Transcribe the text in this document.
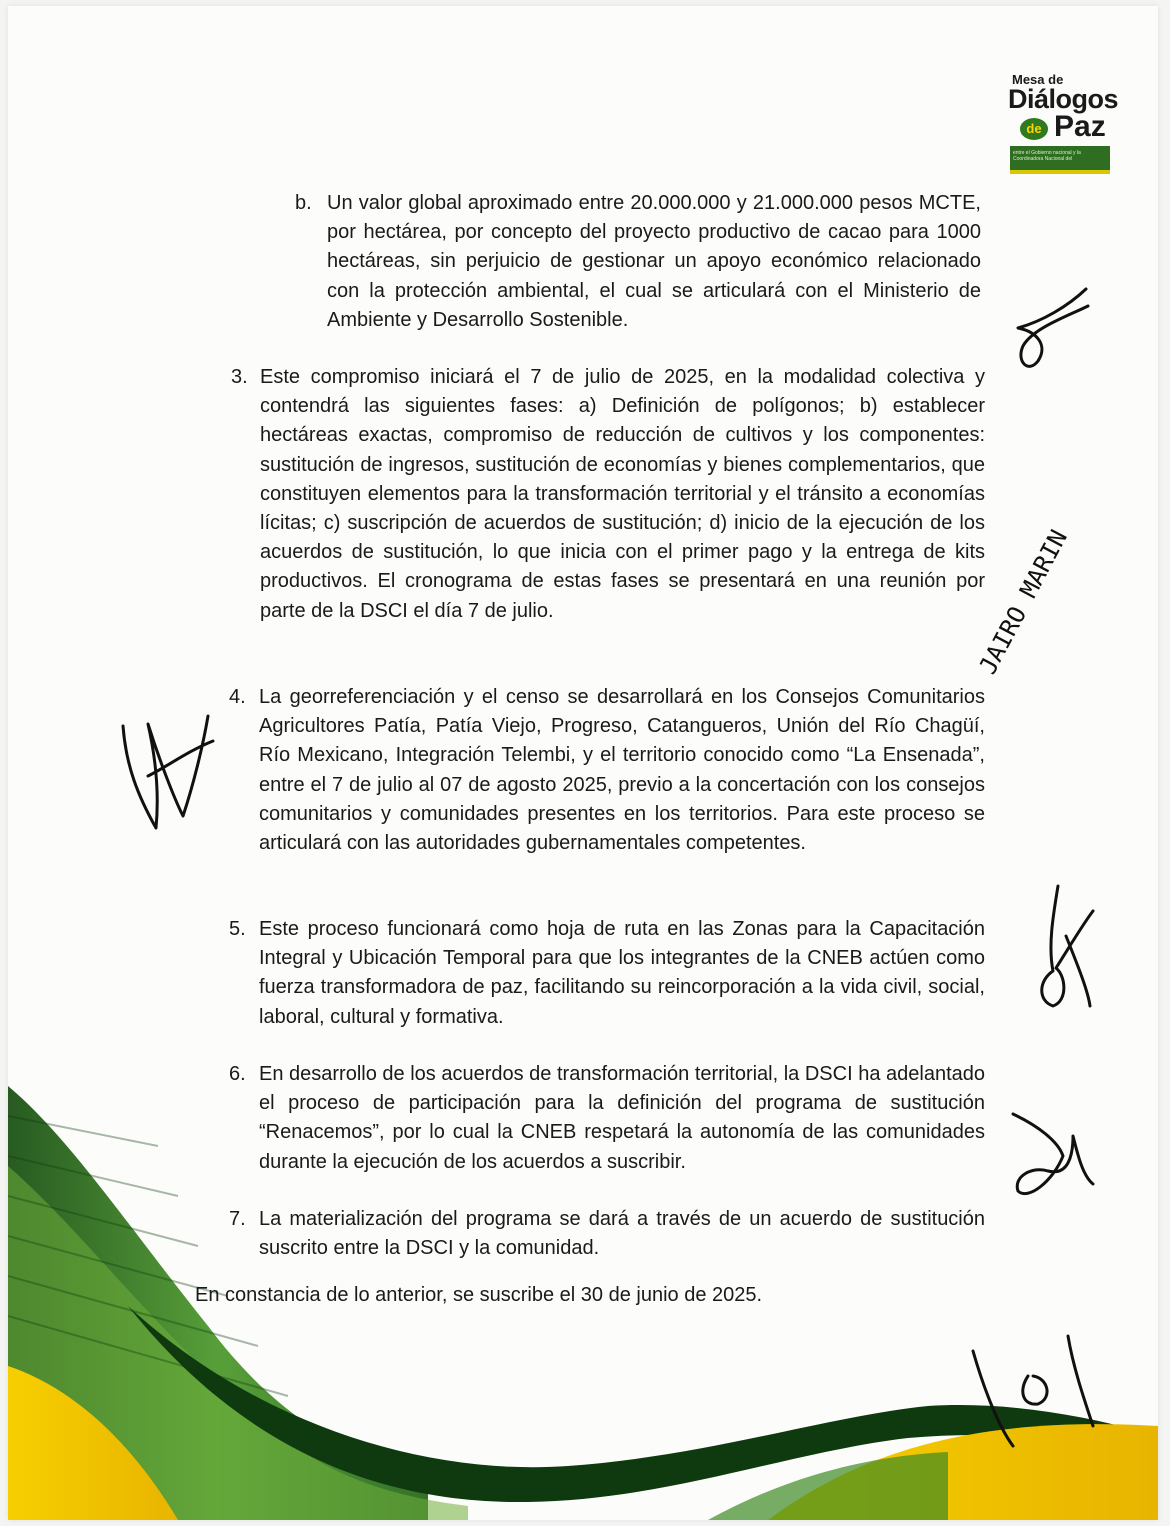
Mesa de
Diálogos
de Paz
entre el Gobierno nacional y la Coordinadora Nacional del
b. Un valor global aproximado entre 20.000.000 y 21.000.000 pesos MCTE, por hectárea, por concepto del proyecto productivo de cacao para 1000 hectáreas, sin perjuicio de gestionar un apoyo económico relacionado con la protección ambiental, el cual se articulará con el Ministerio de Ambiente y Desarrollo Sostenible.

3. Este compromiso iniciará el 7 de julio de 2025, en la modalidad colectiva y contendrá las siguientes fases: a) Definición de polígonos; b) establecer hectáreas exactas, compromiso de reducción de cultivos y los componentes: sustitución de ingresos, sustitución de economías y bienes complementarios, que constituyen elementos para la transformación territorial y el tránsito a economías lícitas; c) suscripción de acuerdos de sustitución; d) inicio de la ejecución de los acuerdos de sustitución, lo que inicia con el primer pago y la entrega de kits productivos. El cronograma de estas fases se presentará en una reunión por parte de la DSCI el día 7 de julio.

4. La georreferenciación y el censo se desarrollará en los Consejos Comunitarios Agricultores Patía, Patía Viejo, Progreso, Catangueros, Unión del Río Chagüí, Río Mexicano, Integración Telembi, y el territorio conocido como “La Ensenada”, entre el 7 de julio al 07 de agosto 2025, previo a la concertación con los consejos comunitarios y comunidades presentes en los territorios. Para este proceso se articulará con las autoridades gubernamentales competentes.

5. Este proceso funcionará como hoja de ruta en las Zonas para la Capacitación Integral y Ubicación Temporal para que los integrantes de la CNEB actúen como fuerza transformadora de paz, facilitando su reincorporación a la vida civil, social, laboral, cultural y formativa.

6. En desarrollo de los acuerdos de transformación territorial, la DSCI ha adelantado el proceso de participación para la definición del programa de sustitución “Renacemos”, por lo cual la CNEB respetará la autonomía de las comunidades durante la ejecución de los acuerdos a suscribir.

7. La materialización del programa se dará a través de un acuerdo de sustitución suscrito entre la DSCI y la comunidad.

En constancia de lo anterior, se suscribe el 30 de junio de 2025.
JAIRO MARIN
